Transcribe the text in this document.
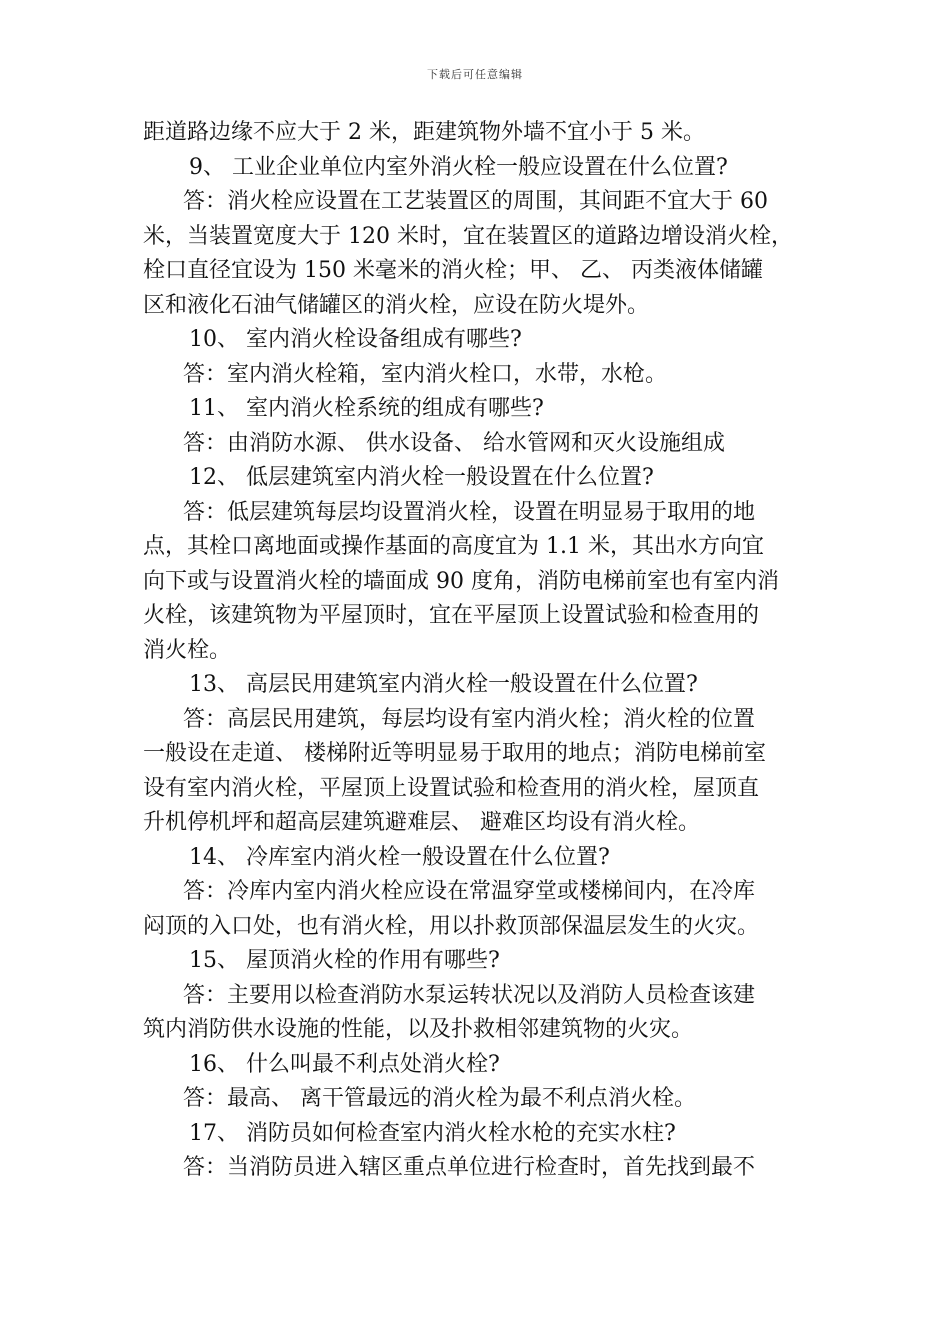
下载后可任意编辑
距道路边缘不应大于 2 米，距建筑物外墙不宜小于 5 米。
9、 工业企业单位内室外消火栓一般应设置在什么位置?
答：消火栓应设置在工艺装置区的周围，其间距不宜大于 60
米，当装置宽度大于 120 米时，宜在装置区的道路边增设消火栓，
栓口直径宜设为 150 米毫米的消火栓；甲、 乙、 丙类液体储罐
区和液化石油气储罐区的消火栓，应设在防火堤外。
10、 室内消火栓设备组成有哪些?
答：室内消火栓箱，室内消火栓口，水带，水枪。
11、 室内消火栓系统的组成有哪些?
答：由消防水源、 供水设备、 给水管网和灭火设施组成
12、 低层建筑室内消火栓一般设置在什么位置?
答：低层建筑每层均设置消火栓，设置在明显易于取用的地
点，其栓口离地面或操作基面的高度宜为 1.1 米，其出水方向宜
向下或与设置消火栓的墙面成 90 度角，消防电梯前室也有室内消
火栓，该建筑物为平屋顶时，宜在平屋顶上设置试验和检查用的
消火栓。
13、 高层民用建筑室内消火栓一般设置在什么位置?
答：高层民用建筑，每层均设有室内消火栓；消火栓的位置
一般设在走道、 楼梯附近等明显易于取用的地点；消防电梯前室
设有室内消火栓，平屋顶上设置试验和检查用的消火栓，屋顶直
升机停机坪和超高层建筑避难层、 避难区均设有消火栓。
14、 冷库室内消火栓一般设置在什么位置?
答：冷库内室内消火栓应设在常温穿堂或楼梯间内，在冷库
闷顶的入口处，也有消火栓，用以扑救顶部保温层发生的火灾。
15、 屋顶消火栓的作用有哪些?
答：主要用以检查消防水泵运转状况以及消防人员检查该建
筑内消防供水设施的性能，以及扑救相邻建筑物的火灾。
16、 什么叫最不利点处消火栓?
答：最高、 离干管最远的消火栓为最不利点消火栓。
17、 消防员如何检查室内消火栓水枪的充实水柱?
答：当消防员进入辖区重点单位进行检查时，首先找到最不
